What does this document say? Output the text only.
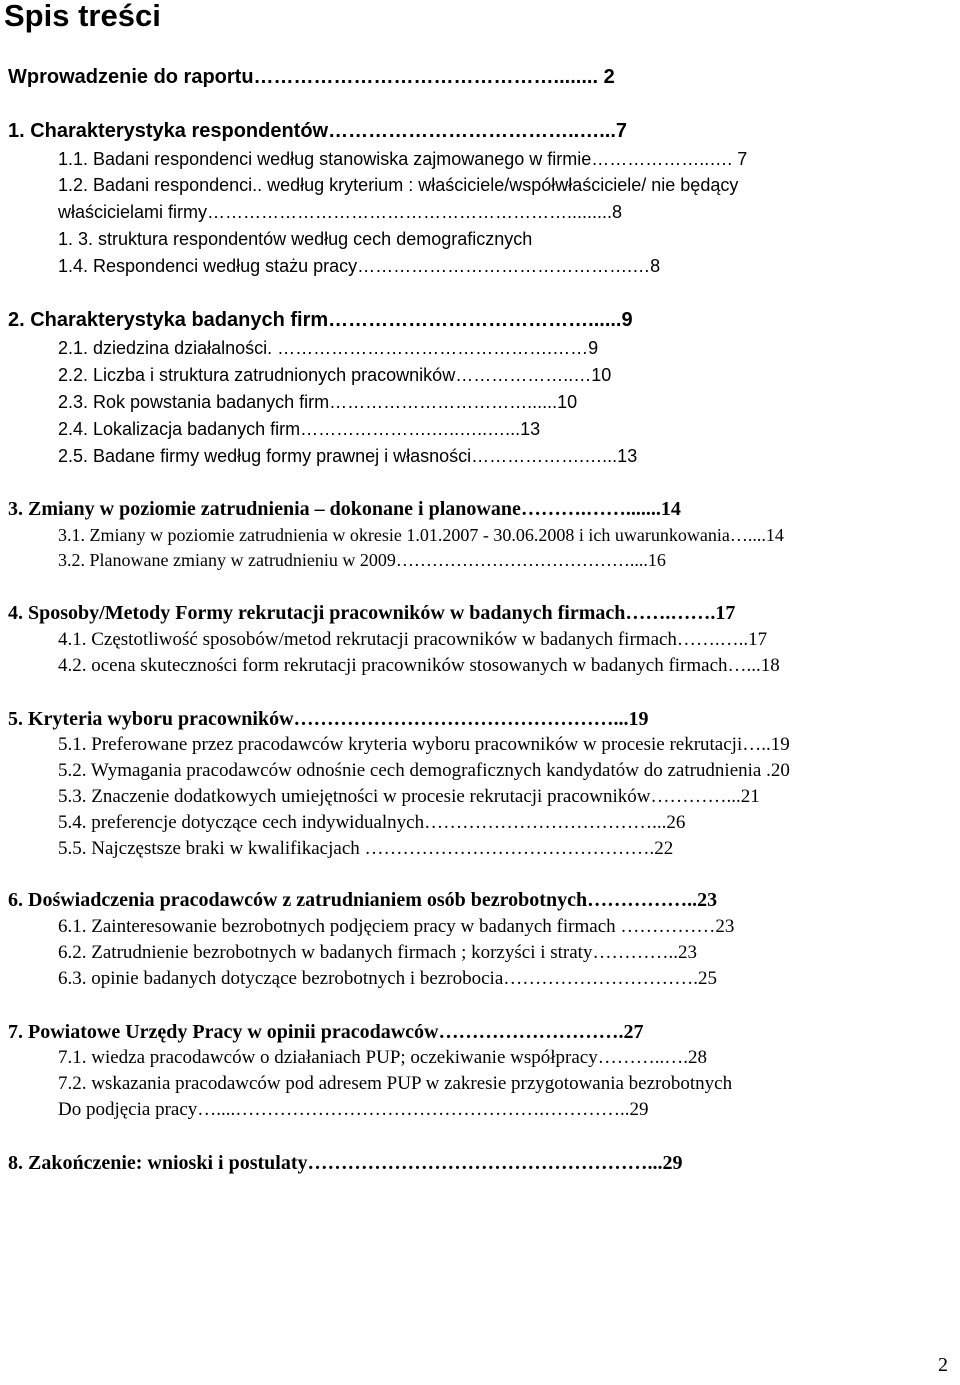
Spis treści
Wprowadzenie do raportu………………………………………........ 2
1. Charakterystyka respondentów………………………………..…...7
1.1. Badani respondenci według stanowiska zajmowanego w firmie………………..…. 7
1.2. Badani respondenci.. według kryterium : właściciele/współwłaściciele/ nie będący
właścicielami firmy…………………………………………………….........8
1. 3. struktura respondentów według cech demograficznych
1.4. Respondenci według stażu pracy……………………………………….…8
2. Charakterystyka badanych firm…………………………………......9
2.1. dziedzina działalności. ……………………………………….……9
2.2. Liczba i struktura zatrudnionych pracowników………………..…10
2.3. Rok powstania badanych firm……………………………......10
2.4. Lokalizacja badanych firm………………….…..…..…...13
2.5. Badane firmy według formy prawnej i własności……………….…...13
3. Zmiany w poziomie zatrudnienia – dokonane i planowane……….…….......14
3.1. Zmiany w poziomie zatrudnienia w okresie 1.01.2007 - 30.06.2008 i ich uwarunkowania…....14
3.2. Planowane zmiany w zatrudnieniu w 2009…………………………………....16
4. Sposoby/Metody Formy rekrutacji pracowników w badanych firmach…….…….17
4.1. Częstotliwość sposobów/metod rekrutacji pracowników w badanych firmach…….…..17
4.2. ocena skuteczności form rekrutacji pracowników stosowanych w badanych firmach…...18
5. Kryteria wyboru pracowników…………………………………………...19
5.1. Preferowane przez pracodawców kryteria wyboru pracowników w procesie rekrutacji…..19
5.2. Wymagania pracodawców odnośnie cech demograficznych kandydatów do zatrudnienia .20
5.3. Znaczenie dodatkowych umiejętności w procesie rekrutacji pracowników…………...21
5.4. preferencje dotyczące cech indywidualnych………………………………...26
5.5. Najczęstsze braki w kwalifikacjach ……………………………………….22
6. Doświadczenia pracodawców z zatrudnianiem osób bezrobotnych……………..23
6.1. Zainteresowanie bezrobotnych podjęciem pracy w badanych firmach ……………23
6.2. Zatrudnienie bezrobotnych w badanych firmach ; korzyści i straty…………..23
6.3. opinie badanych dotyczące bezrobotnych i bezrobocia………………………….25
7. Powiatowe Urzędy Pracy w opinii pracodawców……………………….27
7.1. wiedza pracodawców o działaniach PUP; oczekiwanie współpracy………..….28
7.2. wskazania pracodawców pod adresem PUP w zakresie przygotowania bezrobotnych
Do podjęcia pracy…....………………………………………….…………..29
8. Zakończenie: wnioski i postulaty……………………………………………...29
2
